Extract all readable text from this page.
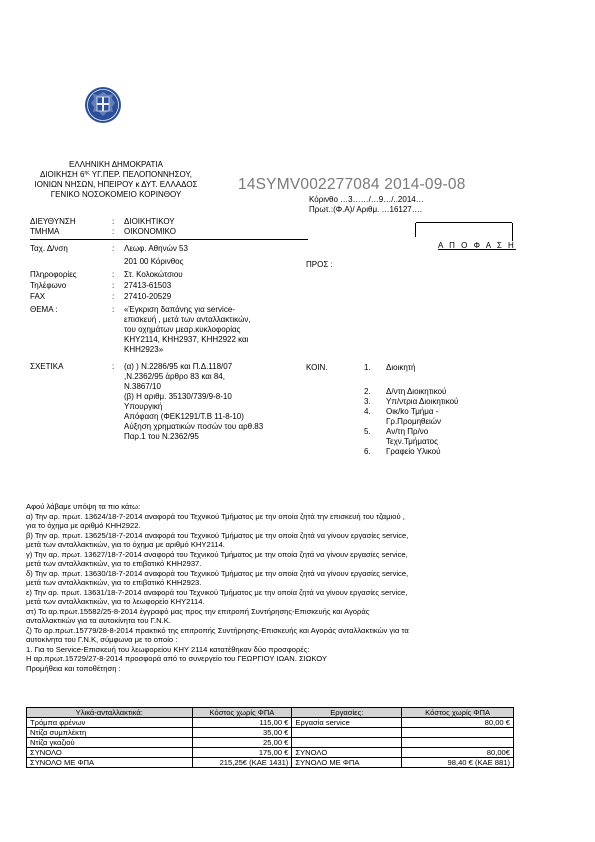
ΕΛΛΗΝΙΚΗ ΔΗΜΟΚΡΑΤΙΑ
ΔΙΟΙΚΗΣΗ $6^{\eta\varsigma}$ ΥΓ.ΠΕΡ. ΠΕΛΟΠΟΝΝΗΣΟΥ,
ΙΟΝΙΩΝ ΝΗΣΩΝ, ΗΠΕΙΡΟΥ κ ΔΥΤ. ΕΛΛΑΔΟΣ
ΓΕΝΙΚΟ ΝΟΣΟΚΟΜΕΙΟ ΚΟΡΙΝΘΟΥ
14SYMV002277084 2014-09-08
Κόρινθο …3……/…9…/..2014…
Πρωτ.:(Φ.Α)/ Αριθμ. …16127….
ΔΙΕΥΘΥΝΣΗ	:	ΔΙΟΙΚΗΤΙΚΟΥ
ΤΜΗΜΑ	:	ΟΙΚΟΝΟΜΙΚΟ
Ταχ. Δ/νση	:	Λεωφ. Αθηνών 53
201 00 Κόρινθος
Πληροφορίες	:	Στ. Κολοκώτσιου
Τηλέφωνο	:	27413-61503
FAX	:	27410-20529
ΘΕΜΑ :	:	«Έγκριση δαπάνης για service-
επισκευή , μετά των ανταλλακτικών,
του οχημάτων μεαρ.κυκλοφορίας
ΚΗΥ2114, ΚΗΗ2937, ΚΗΗ2922 και
ΚΗΗ2923»
ΣΧΕΤΙΚΑ	:	(α) ) Ν.2286/95 και Π.Δ.118/07
,Ν.2362/95 άρθρο 83 και 84,
Ν.3867/10
(β) Η αριθμ. 35130/739/9-8-10
Υπουργική
Απόφαση (ΦΕΚ1291/Τ.Β 11-8-10)
Αύξηση χρηματικών ποσών του αρθ.83
Παρ.1 του Ν.2362/95
Α Π Ο Φ Α Σ Η
ΠΡΟΣ :
ΚΟΙΝ.	1.	Διοικητή
2.	Δ/ντη Διοικητικού
3.	Υπ/ντρια Διοικητικού
4.	Οικ/ko Τμήμα -
Γρ.Προμηθειών
5.	Αν/τη Πρ/νο
Τεχν.Τμήματος
6.	Γραφείο Υλικού
Αφού λάβαμε υπόψη τα πιο κάτω:
α) Την αρ. πρωτ. 13624/18-7-2014 αναφορά του Τεχνικού Τμήματος με την οποία ζητά την επισκευή του τζαμιού ,
για το όχημα με αριθμό ΚΗΗ2922.
β) Την αρ. πρωτ. 13625/18-7-2014 αναφορά του Τεχνικού Τμήματος με την οποία ζητά να γίνουν εργασίες service,
μετά των ανταλλακτικών, για το όχημα με αριθμό ΚΗΥ2114.
γ) Την αρ. πρωτ. 13627/18-7-2014 αναφορά του Τεχνικού Τμήματος με την οποία ζητά να γίνουν εργασίες service,
μετά των ανταλλακτικών, για το επιβατικό ΚΗΗ2937.
δ) Την αρ. πρωτ. 13630/18-7-2014 αναφορά του Τεχνικού Τμήματος με την οποία ζητά να γίνουν εργασίες service,
μετά των ανταλλακτικών, για το επιβατικό ΚΗΗ2923.
ε) Την αρ. πρωτ. 13631/18-7-2014 αναφορά του Τεχνικού Τμήματος με την οποία ζητά να γίνουν εργασίες service,
μετά των ανταλλακτικών, για το λεωφορείο ΚΗΥ2114.
στ) Το αρ.πρωτ.15582/25-8-2014 έγγραφό μας προς την επιτροπή Συντήρησης-Επισκευής και Αγοράς
ανταλλακτικών για τα αυτοκίνητα του Γ.Ν.Κ.
ζ) Το αρ.πρωτ.15779/28-8-2014 πρακτικό της επιτροπής Συντήρησης-Επισκευής και Αγοράς ανταλλακτικών για τα
αυτοκίνητα του Γ.Ν.Κ, σύμφωνα με το οποίο :
1. Για το Service-Επισκευή του λεωφορείου ΚΗΥ 2114 κατατέθηκαν δύο προσφορές:
Η αρ.πρωτ.15729/27-8-2014 προσφορά από το συνεργείο του ΓΕΩΡΓΙΟΥ ΙΩΑΝ. ΣΙΩΚΟΥ
Προμήθεια και τοποθέτηση :
Υλικά-ανταλλακτικά:	Κόστος χωρίς ΦΠΑ	Εργασίες:	Κόστος χωρίς ΦΠΑ
Τρόμπα φρένων	115,00 €	Εργασία service	80,00 €
Ντίζα συμπλέκτη	35,00 €		
Ντίζα γκαζιού	25,00 €		
ΣΥΝΟΛΟ	175,00 €	ΣΥΝΟΛΟ	80,00€
ΣΥΝΟΛΟ ΜΕ ΦΠΑ	215,25€ (ΚΑΕ 1431)	ΣΥΝΟΛΟ ΜΕ ΦΠΑ	98,40 € (ΚΑΕ 881)
